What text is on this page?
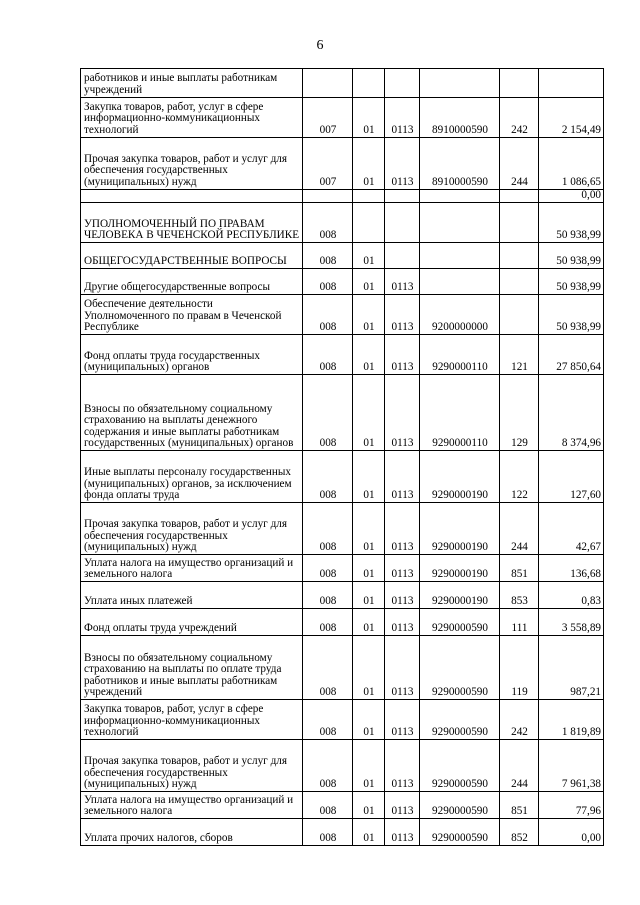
6
работников и иные выплаты работникам учреждений						
Закупка товаров, работ, услуг в сфере информационно-коммуникационных технологий	007	01	0113	8910000590	242	2 154,49
Прочая закупка товаров, работ и услуг для обеспечения государственных (муниципальных) нужд	007	01	0113	8910000590	244	1 086,65
						0,00
УПОЛНОМОЧЕННЫЙ ПО ПРАВАМ ЧЕЛОВЕКА В ЧЕЧЕНСКОЙ РЕСПУБЛИКЕ	008					50 938,99
ОБЩЕГОСУДАРСТВЕННЫЕ ВОПРОСЫ	008	01				50 938,99
Другие общегосударственные вопросы	008	01	0113			50 938,99
Обеспечение деятельности Уполномоченного по правам в Чеченской Республике	008	01	0113	9200000000		50 938,99
Фонд оплаты труда государственных (муниципальных) органов	008	01	0113	9290000110	121	27 850,64
Взносы по обязательному социальному страхованию на выплаты денежного содержания и иные выплаты работникам государственных (муниципальных) органов	008	01	0113	9290000110	129	8 374,96
Иные выплаты персоналу государственных (муниципальных) органов, за исключением фонда оплаты труда	008	01	0113	9290000190	122	127,60
Прочая закупка товаров, работ и услуг для обеспечения государственных (муниципальных) нужд	008	01	0113	9290000190	244	42,67
Уплата налога на имущество организаций и земельного налога	008	01	0113	9290000190	851	136,68
Уплата иных платежей	008	01	0113	9290000190	853	0,83
Фонд оплаты труда учреждений	008	01	0113	9290000590	111	3 558,89
Взносы по обязательному социальному страхованию на выплаты по оплате труда работников и иные выплаты работникам учреждений	008	01	0113	9290000590	119	987,21
Закупка товаров, работ, услуг в сфере информационно-коммуникационных технологий	008	01	0113	9290000590	242	1 819,89
Прочая закупка товаров, работ и услуг для обеспечения государственных (муниципальных) нужд	008	01	0113	9290000590	244	7 961,38
Уплата налога на имущество организаций и земельного налога	008	01	0113	9290000590	851	77,96
Уплата прочих налогов, сборов	008	01	0113	9290000590	852	0,00
